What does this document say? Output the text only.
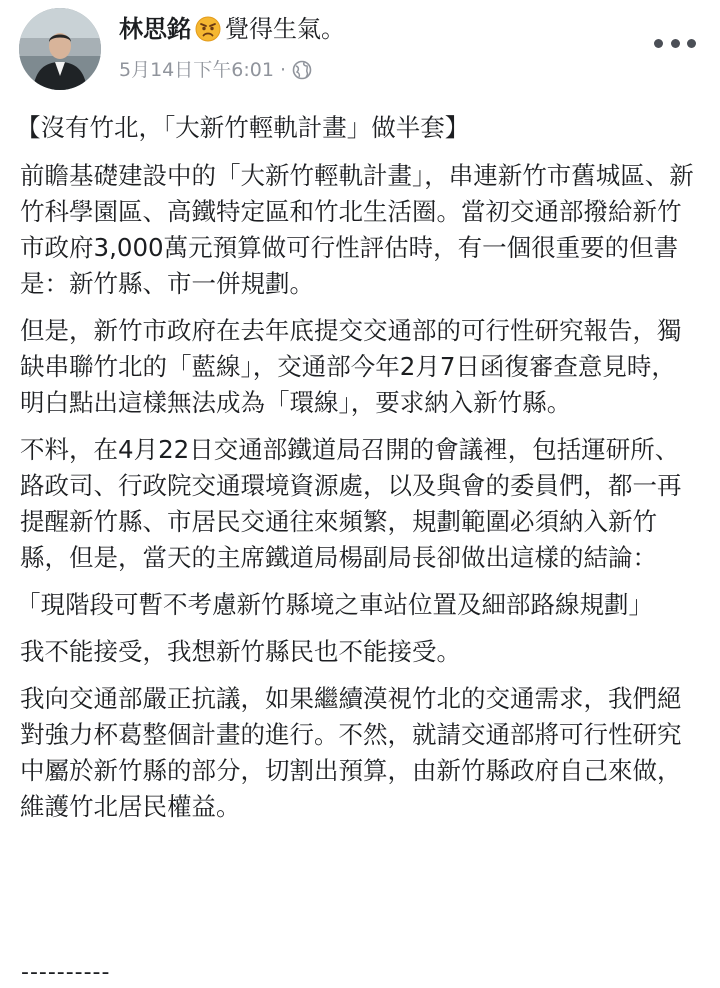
林思銘 覺得生氣。
5月14日下午6:01 ·

【沒有竹北，「大新竹輕軌計畫」做半套】

前瞻基礎建設中的「大新竹輕軌計畫」，串連新竹市舊城區、新竹科學園區、高鐵特定區和竹北生活圈。當初交通部撥給新竹市政府3,000萬元預算做可行性評估時，有一個很重要的但書是：新竹縣、市一併規劃。

但是，新竹市政府在去年底提交交通部的可行性研究報告，獨缺串聯竹北的「藍線」，交通部今年2月7日函復審查意見時，明白點出這樣無法成為「環線」，要求納入新竹縣。

不料，在4月22日交通部鐵道局召開的會議裡，包括運研所、路政司、行政院交通環境資源處，以及與會的委員們，都一再提醒新竹縣、市居民交通往來頻繁，規劃範圍必須納入新竹縣，但是，當天的主席鐵道局楊副局長卻做出這樣的結論：

「現階段可暫不考慮新竹縣境之車站位置及細部路線規劃」

我不能接受，我想新竹縣民也不能接受。

我向交通部嚴正抗議，如果繼續漠視竹北的交通需求，我們絕對強力杯葛整個計畫的進行。不然，就請交通部將可行性研究中屬於新竹縣的部分，切割出預算，由新竹縣政府自己來做，維護竹北居民權益。

----------
